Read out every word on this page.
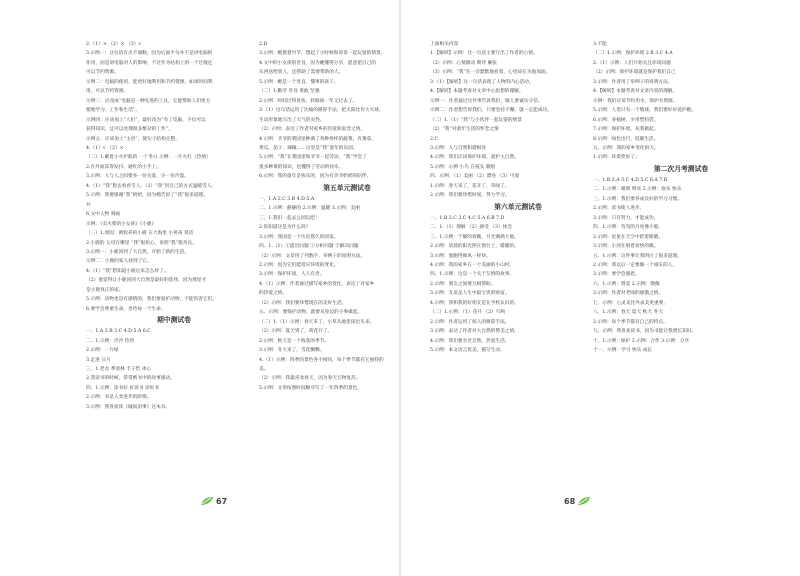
2.（1）× （2）× （3）√
3.示例一：这句话有点不通顺，因为后面半句并不是讲电脑的
作用，而是讲电脑对人的影响，不过作为结构上的一个过渡还
可以节约资源。
示例二：电脑的使用，能更好地利用和节约资源，如果时间利
用，可以节约资源。
示例三：应改成“电脑是一种先进的工具，它能帮助人们更方
便地学习、工作和生活”。
示例四：应该加上“人们”，最好改为“有了电脑，不仅可以
获得知识，还可以处理很多繁杂的工作”。
示例五：应该加上“主语”，使句子结构完整。
4.（1）√ （2）×
（二）1.戴着小火炉般的 一个冬日 示例：一片火红（热情）
2.在外面冻得发抖、通红的小手上。
3.示例：人与人之间要多一份关爱，少一份冷漠。
4.（1）“我”想去看看雪人。（2）“我”用自己的方式温暖雪人。
5.示例：我要感谢“我”奶奶，因为她告诉了“我”很多道理。
并
6.文中人物 刻画
示例：《卖火柴的小女孩》《小鹿》
（三）1.原因：被收养的小鹿 在大海里 小男孩 说话
2.小鹿的 父母在哪里 “我”很担心，说明“我”很善良。
3.示例一：小鹿回到了大自然，开始了新的生活。
示例二：小鹿的家人找到了它。
4.（1）“我”想知道小鹿后来怎么样了。
（2）他觉得让小鹿回到大自然是最好的选择，因为那里才
是小鹿真正的家。
5.示例：动物也是有感情的，我们要爱护动物，不能伤害它们。
6.要学会尊重生命，善待每一个生命。
期中测试卷
一、1.A 2.B 3.C 4.D 5.A 6.C
二、1.示例：冷冷 热热
2.示例：一片绿
3.走进 日月
三、1.老舍 季羡林 丰子恺 冰心
2.我读书的时候，常常被书中的故事感动。
四、1.示例：读书好 好读书 读好书
2.示例：书是人类进步的阶梯。
3.示例：我喜欢读《城南旧事》这本书。
2.D
3.示例：她摸着竹节，想起了小时候和哥哥一起玩耍的情景。
4.文中的小女孩很善良，因为她懂得分享，愿意把自己的
东西送给别人，还帮助了需要帮助的人。
5.示例：她是一个善良、懂事的孩子。
（二）1.勤劳 善良 勇敢 坚强
2.示例：时间过得真快，转眼间一年又过去了。
3.（1）这句话运用了比喻的修辞手法，把太阳比作大火球，
生动形象地写出了天气的炎热。
（2）示例：表达了作者对家乡的热爱和思念之情。
4.示例：爷爷的菜园里种满了各种各样的蔬菜，有番茄、
黄瓜、茄子、辣椒……这里是“我”童年的乐园。
5.示例：“我”在菜园里和爷爷一起劳动，“我”学会了
很多种菜的知识，也懂得了劳动的快乐。
6.示例：我的童年是快乐的，因为有爷爷奶奶的陪伴。
第五单元测试卷
一、1.A 2.C 3.B 4.D 5.A
二、1.示例：静静的 2.示例：温暖 3.示例：美丽
三、1.我们一起去公园玩吧！
2.你知道这是为什么吗？
3.示例：我国是一个历史悠久的国家。
四、1.（1）①提出问题 ②分析问题 ③解决问题
（2）示例：文章用了列数字、举例子的说明方法。
2.示例：因为它们能适应环境的变化。
3.示例：保护环境，人人有责。
4.（1）示例：作者通过描写家乡的变化，表达了对家乡
的热爱之情。
（2）示例：我们要珍惜现在的美好生活。
五、示例：要保护动物，就要从身边的小事做起。
（二）1.（1）示例：春天来了，小草从地里探出头来。
（2）示例：夏天到了，荷花开了。
2.示例：秋天是一个收获的季节。
3.示例：冬天来了，雪花飘飘。
4.（1）示例：四季的景色各不相同，每个季节都有它独特的
美。
（2）示例：我最喜欢春天，因为春天万物复苏。
5.示例：文章按照时间顺序写了一年四季的景色。
上面相关内容
1.【解析】示例：这一句话主要写出了作者的心情。
（2）示例：心情激动 期待 紧张
（3）示例：“我”在一旁默默地看着，心里却在为他加油。
3.（1）【解析】这一句话表现了人物的内心活动。
4.【解析】本题考查对文章中心思想的理解。
示例一：作者通过这件事告诉我们，做人要诚实守信。
示例二：作者想告诉我们，只要坚持不懈，就一定能成功。
（二）1.（1）“我”与小伙伴一起玩耍的情景
（2）“我”对童年生活的怀念之情
2.C
3.示例：人与自然和谐相处
4.示例：我们应该保护环境，爱护大自然。
5.示例：示例 小鸟 在枝头 歌唱
四、示例：（1）美丽 （2）漂亮 （3）可爱
1.示例：春天来了，花开了，草绿了。
2.示例：我们要珍惜时间，努力学习。
第六单元测试卷
一、1.B 2.C 3.C 4.C 5.A 6.B 7.D
二、1.（1）理解 （2）感受 （3）体会
三、1.示例：宁静的夜晚，月光洒满大地。
2.示例：清晨的阳光照在窗台上，暖暖的。
3.示例：他跑得像风一样快。
4.示例：我的家乡在一个美丽的小山村。
四、1.示例：这是一个关于友情的故事。
2.示例：朋友之间要互相帮助。
3.示例：友谊是人生中最宝贵的财富。
4.示例：我和我的好朋友是在学校认识的。
（二）1.示例：（1）花开 （2）鸟鸣
2.示例：作者运用了拟人的修辞手法。
3.示例：表达了作者对大自然的赞美之情。
4.示例：我们要亲近自然，热爱生活。
5.示例：本文语言优美，描写生动。
3.不能
（二）1.示例：保护环境 2.B 3.C 4.A
2.（1）示例：人们开始关注环境问题
（2）示例：保护环境就是保护我们自己
3.示例：作者用了举例子的说明方法。
4.【解析】本题考查对文章内容的理解。
示例：我们应该节约用水，保护水资源。
5.示例：人类只有一个地球，我们要好好爱护她。
6.示例：多植树，少用塑料袋。
7.示例：保护环境，从我做起。
8.示例：绿色出行，低碳生活。
五、示例：我的家乡变化很大。
1.示例：环境变好了。
第二次月考测试卷
一、1.B 2.A 3.C 4.D 5.C 6.A 7.B
二、1.示例：晴朗 明亮 2.示例：欢乐 快乐
三、1.示例：我们要养成良好的学习习惯。
2.示例：读书使人进步。
3.示例：只有努力，才能成功。
四、1.示例：弯弯的月亮像小船。
2.示例：星星在天空中眨着眼睛。
3.示例：小河在唱着欢快的歌。
五、1.示例：这件事让我明白了很多道理。
2.示例：我以后一定要做一个诚实的人。
3.示例：要学会感恩。
六、1.示例：赞美 2.示例：敬佩
3.示例：作者对老师的感激之情。
七、示例：心灵美比外表美更重要。
八、1.示例：春天 夏天 秋天 冬天
2.示例：每个季节都有自己的特点。
九、示例：我喜欢读书，因为书能让我增长知识。
十、1.示例：保护 2.示例：合作 3.示例：分享
十一、示例：学习 快乐 成长
67	68
